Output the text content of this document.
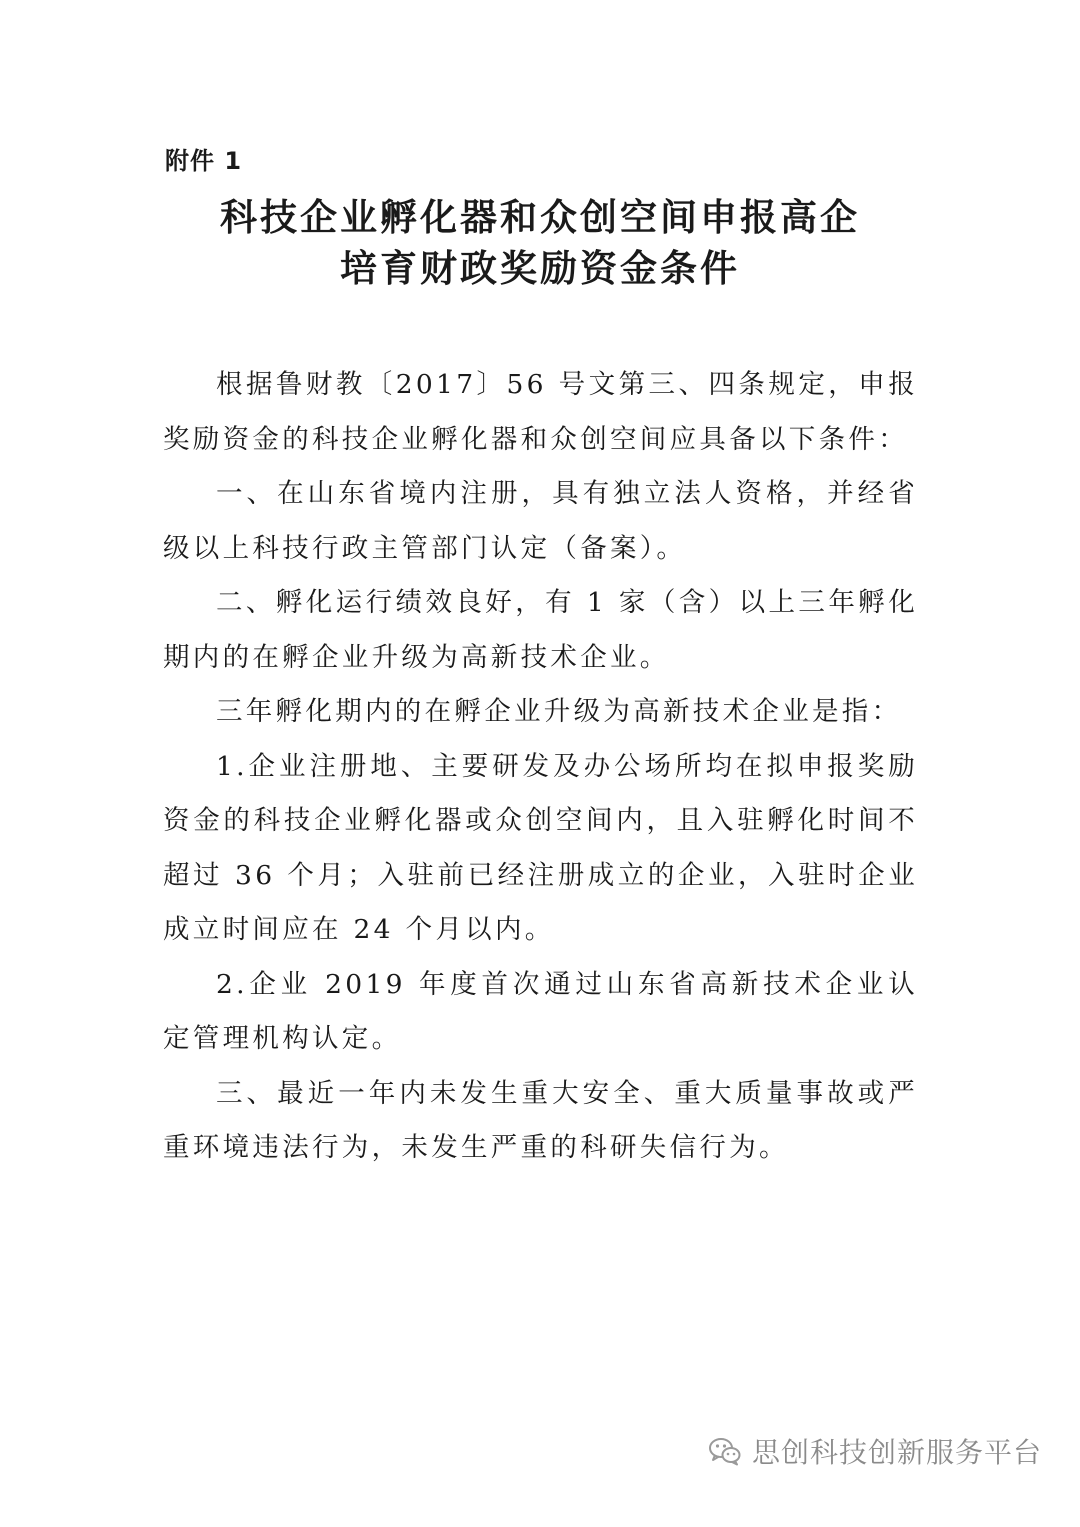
附件 1
科技企业孵化器和众创空间申报高企
培育财政奖励资金条件

根据鲁财教〔2017〕56 号文第三、四条规定，申报奖励资金的科技企业孵化器和众创空间应具备以下条件：

一、在山东省境内注册，具有独立法人资格，并经省级以上科技行政主管部门认定（备案）。

二、孵化运行绩效良好，有 1 家（含）以上三年孵化期内的在孵企业升级为高新技术企业。

三年孵化期内的在孵企业升级为高新技术企业是指：

1.企业注册地、主要研发及办公场所均在拟申报奖励资金的科技企业孵化器或众创空间内，且入驻孵化时间不超过 36 个月；入驻前已经注册成立的企业，入驻时企业成立时间应在 24 个月以内。

2.企业 2019 年度首次通过山东省高新技术企业认定管理机构认定。

三、最近一年内未发生重大安全、重大质量事故或严重环境违法行为，未发生严重的科研失信行为。

思创科技创新服务平台
